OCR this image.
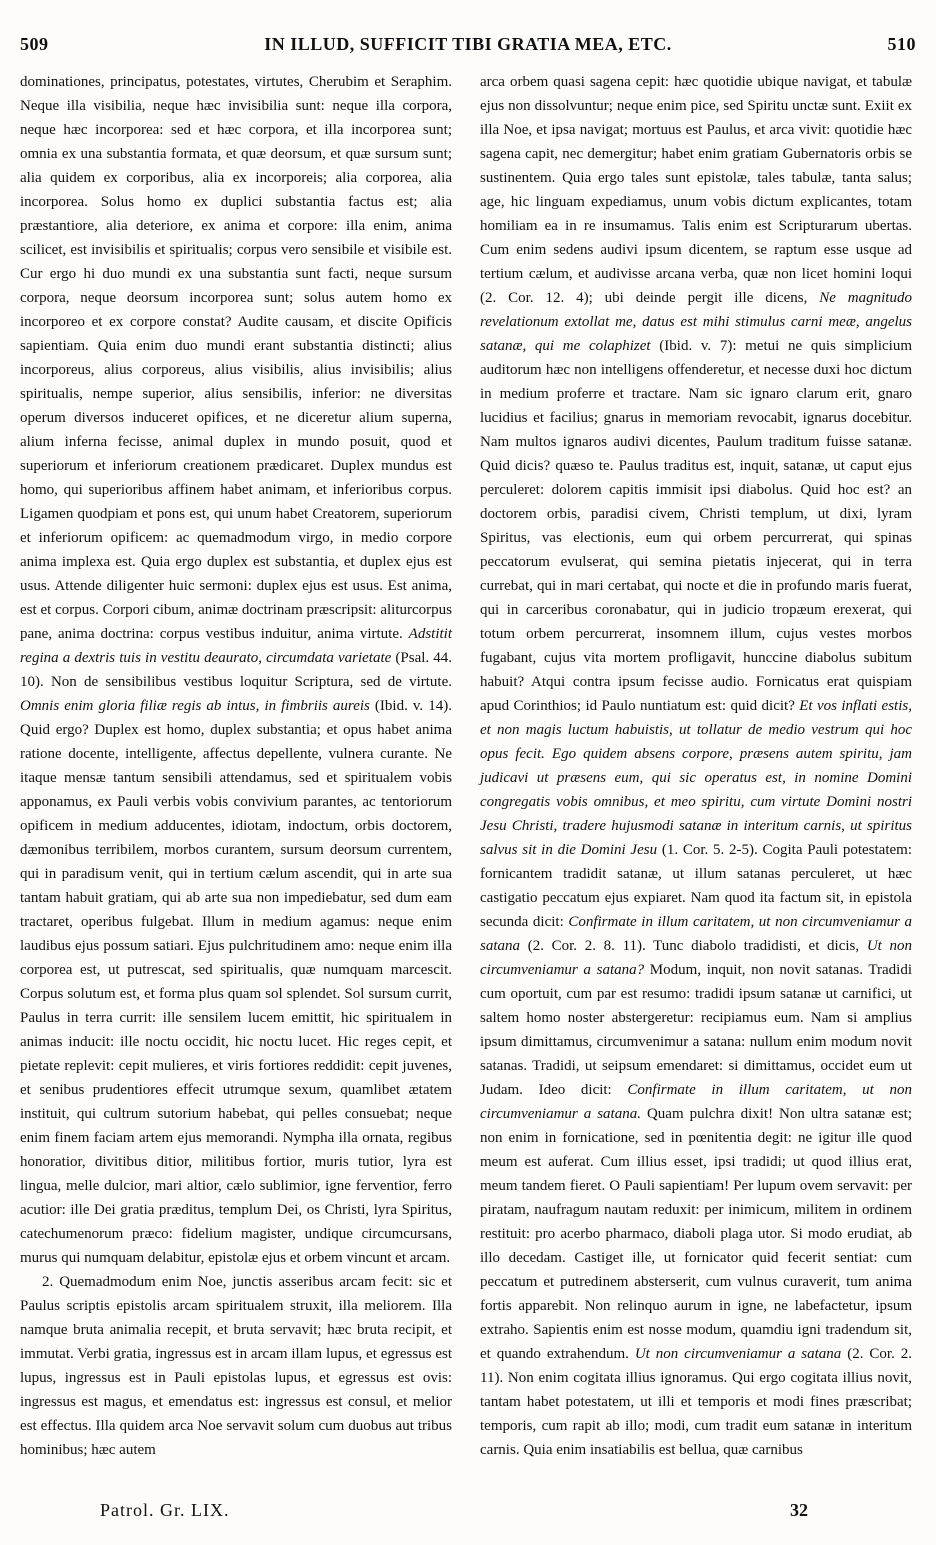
509	IN ILLUD, SUFFICIT TIBI GRATIA MEA, ETC.	510

dominationes, principatus, potestates, virtutes, Cherubim et Seraphim. Neque illa visibilia, neque hæc invisibilia sunt: neque illa corpora, neque hæc incorporea: sed et hæc corpora, et illa incorporea sunt; omnia ex una substantia formata, et quæ deorsum, et quæ sursum sunt; alia quidem ex corporibus, alia ex incorporeis; alia corporea, alia incorporea. Solus homo ex duplici substantia factus est; alia præstantiore, alia deteriore, ex anima et corpore: illa enim, anima scilicet, est invisibilis et spiritualis; corpus vero sensibile et visibile est. Cur ergo hi duo mundi ex una substantia sunt facti, neque sursum corpora, neque deorsum incorporea sunt; solus autem homo ex incorporeo et ex corpore constat? Audite causam, et discite Opificis sapientiam. Quia enim duo mundi erant substantia distincti; alius incorporeus, alius corporeus, alius visibilis, alius invisibilis; alius spiritualis, nempe superior, alius sensibilis, inferior: ne diversitas operum diversos induceret opifices, et ne diceretur alium superna, alium inferna fecisse, animal duplex in mundo posuit, quod et superiorum et inferiorum creationem prædicaret. Duplex mundus est homo, qui superioribus affinem habet animam, et inferioribus corpus. Ligamen quodpiam et pons est, qui unum habet Creatorem, superiorum et inferiorum opificem: ac quemadmodum virgo, in medio corpore anima implexa est. Quia ergo duplex est substantia, et duplex ejus est usus. Attende diligenter huic sermoni: duplex ejus est usus. Est anima, est et corpus. Corpori cibum, animæ doctrinam præscripsit: aliturcorpus pane, anima doctrina: corpus vestibus induitur, anima virtute. Adstitit regina a dextris tuis in vestitu deaurato, circumdata varietate (Psal. 44. 10). Non de sensibilibus vestibus loquitur Scriptura, sed de virtute. Omnis enim gloria filiæ regis ab intus, in fimbriis aureis (Ibid. v. 14). Quid ergo? Duplex est homo, duplex substantia; et opus habet anima ratione docente, intelligente, affectus depellente, vulnera curante. Ne itaque mensæ tantum sensibili attendamus, sed et spiritualem vobis apponamus, ex Pauli verbis vobis convivium parantes, ac tentoriorum opificem in medium adducentes, idiotam, indoctum, orbis doctorem, dæmonibus terribilem, morbos curantem, sursum deorsum currentem, qui in paradisum venit, qui in tertium cælum ascendit, qui in arte sua tantam habuit gratiam, qui ab arte sua non impediebatur, sed dum eam tractaret, operibus fulgebat. Illum in medium agamus: neque enim laudibus ejus possum satiari. Ejus pulchritudinem amo: neque enim illa corporea est, ut putrescat, sed spiritualis, quæ numquam marcescit. Corpus solutum est, et forma plus quam sol splendet. Sol sursum currit, Paulus in terra currit: ille sensilem lucem emittit, hic spiritualem in animas inducit: ille noctu occidit, hic noctu lucet. Hic reges cepit, et pietate replevit: cepit mulieres, et viris fortiores reddidit: cepit juvenes, et senibus prudentiores effecit utrumque sexum, quamlibet ætatem instituit, qui cultrum sutorium habebat, qui pelles consuebat; neque enim finem faciam artem ejus memorandi. Nympha illa ornata, regibus honoratior, divitibus ditior, militibus fortior, muris tutior, lyra est lingua, melle dulcior, mari altior, cælo sublimior, igne ferventior, ferro acutior: ille Dei gratia præditus, templum Dei, os Christi, lyra Spiritus, catechumenorum præco: fidelium magister, undique circumcursans, murus qui numquam delabitur, epistolæ ejus et orbem vincunt et arcam.

2. Quemadmodum enim Noe, junctis asseribus arcam fecit: sic et Paulus scriptis epistolis arcam spiritualem struxit, illa meliorem. Illa namque bruta animalia recepit, et bruta servavit; hæc bruta recipit, et immutat. Verbi gratia, ingressus est in arcam illam lupus, et egressus est lupus, ingressus est in Pauli epistolas lupus, et egressus est ovis: ingressus est magus, et emendatus est: ingressus est consul, et melior est effectus. Illa quidem arca Noe servavit solum cum duobus aut tribus hominibus; hæc autem

arca orbem quasi sagena cepit: hæc quotidie ubique navigat, et tabulæ ejus non dissolvuntur; neque enim pice, sed Spiritu unctæ sunt. Exiit ex illa Noe, et ipsa navigat; mortuus est Paulus, et arca vivit: quotidie hæc sagena capit, nec demergitur; habet enim gratiam Gubernatoris orbis se sustinentem. Quia ergo tales sunt epistolæ, tales tabulæ, tanta salus; age, hic linguam expediamus, unum vobis dictum explicantes, totam homiliam ea in re insumamus. Talis enim est Scripturarum ubertas. Cum enim sedens audivi ipsum dicentem, se raptum esse usque ad tertium cælum, et audivisse arcana verba, quæ non licet homini loqui (2. Cor. 12. 4); ubi deinde pergit ille dicens, Ne magnitudo revelationum extollat me, datus est mihi stimulus carni meæ, angelus satanæ, qui me colaphizet (Ibid. v. 7): metui ne quis simplicium auditorum hæc non intelligens offenderetur, et necesse duxi hoc dictum in medium proferre et tractare. Nam sic ignaro clarum erit, gnaro lucidius et facilius; gnarus in memoriam revocabit, ignarus docebitur. Nam multos ignaros audivi dicentes, Paulum traditum fuisse satanæ. Quid dicis? quæso te. Paulus traditus est, inquit, satanæ, ut caput ejus perculeret: dolorem capitis immisit ipsi diabolus. Quid hoc est? an doctorem orbis, paradisi civem, Christi templum, ut dixi, lyram Spiritus, vas electionis, eum qui orbem percurrerat, qui spinas peccatorum evulserat, qui semina pietatis injecerat, qui in terra currebat, qui in mari certabat, qui nocte et die in profundo maris fuerat, qui in carceribus coronabatur, qui in judicio tropæum erexerat, qui totum orbem percurrerat, insomnem illum, cujus vestes morbos fugabant, cujus vita mortem profligavit, hunccine diabolus subitum habuit? Atqui contra ipsum fecisse audio. Fornicatus erat quispiam apud Corinthios; id Paulo nuntiatum est: quid dicit? Et vos inflati estis, et non magis luctum habuistis, ut tollatur de medio vestrum qui hoc opus fecit. Ego quidem absens corpore, præsens autem spiritu, jam judicavi ut præsens eum, qui sic operatus est, in nomine Domini congregatis vobis omnibus, et meo spiritu, cum virtute Domini nostri Jesu Christi, tradere hujusmodi satanæ in interitum carnis, ut spiritus salvus sit in die Domini Jesu (1. Cor. 5. 2-5). Cogita Pauli potestatem: fornicantem tradidit satanæ, ut illum satanas perculeret, ut hæc castigatio peccatum ejus expiaret. Nam quod ita factum sit, in epistola secunda dicit: Confirmate in illum caritatem, ut non circumveniamur a satana (2. Cor. 2. 8. 11). Tunc diabolo tradidisti, et dicis, Ut non circumveniamur a satana? Modum, inquit, non novit satanas. Tradidi cum oportuit, cum par est resumo: tradidi ipsum satanæ ut carnifici, ut saltem homo noster abstergeretur: recipiamus eum. Nam si amplius ipsum dimittamus, circumvenimur a satana: nullum enim modum novit satanas. Tradidi, ut seipsum emendaret: si dimittamus, occidet eum ut Judam. Ideo dicit: Confirmate in illum caritatem, ut non circumveniamur a satana. Quam pulchra dixit! Non ultra satanæ est; non enim in fornicatione, sed in pœnitentia degit: ne igitur ille quod meum est auferat. Cum illius esset, ipsi tradidi; ut quod illius erat, meum tandem fieret. O Pauli sapientiam! Per lupum ovem servavit: per piratam, naufragum nautam reduxit: per inimicum, militem in ordinem restituit: pro acerbo pharmaco, diaboli plaga utor. Si modo erudiat, ab illo decedam. Castiget ille, ut fornicator quid fecerit sentiat: cum peccatum et putredinem absterserit, cum vulnus curaverit, tum anima fortis apparebit. Non relinquo aurum in igne, ne labefactetur, ipsum extraho. Sapientis enim est nosse modum, quamdiu igni tradendum sit, et quando extrahendum. Ut non circumveniamur a satana (2. Cor. 2. 11). Non enim cogitata illius ignoramus. Qui ergo cogitata illius novit, tantam habet potestatem, ut illi et temporis et modi fines præscribat; temporis, cum rapit ab illo; modi, cum tradit eum satanæ in interitum carnis. Quia enim insatiabilis est bellua, quæ carnibus

Patrol. Gr. LIX.	32
